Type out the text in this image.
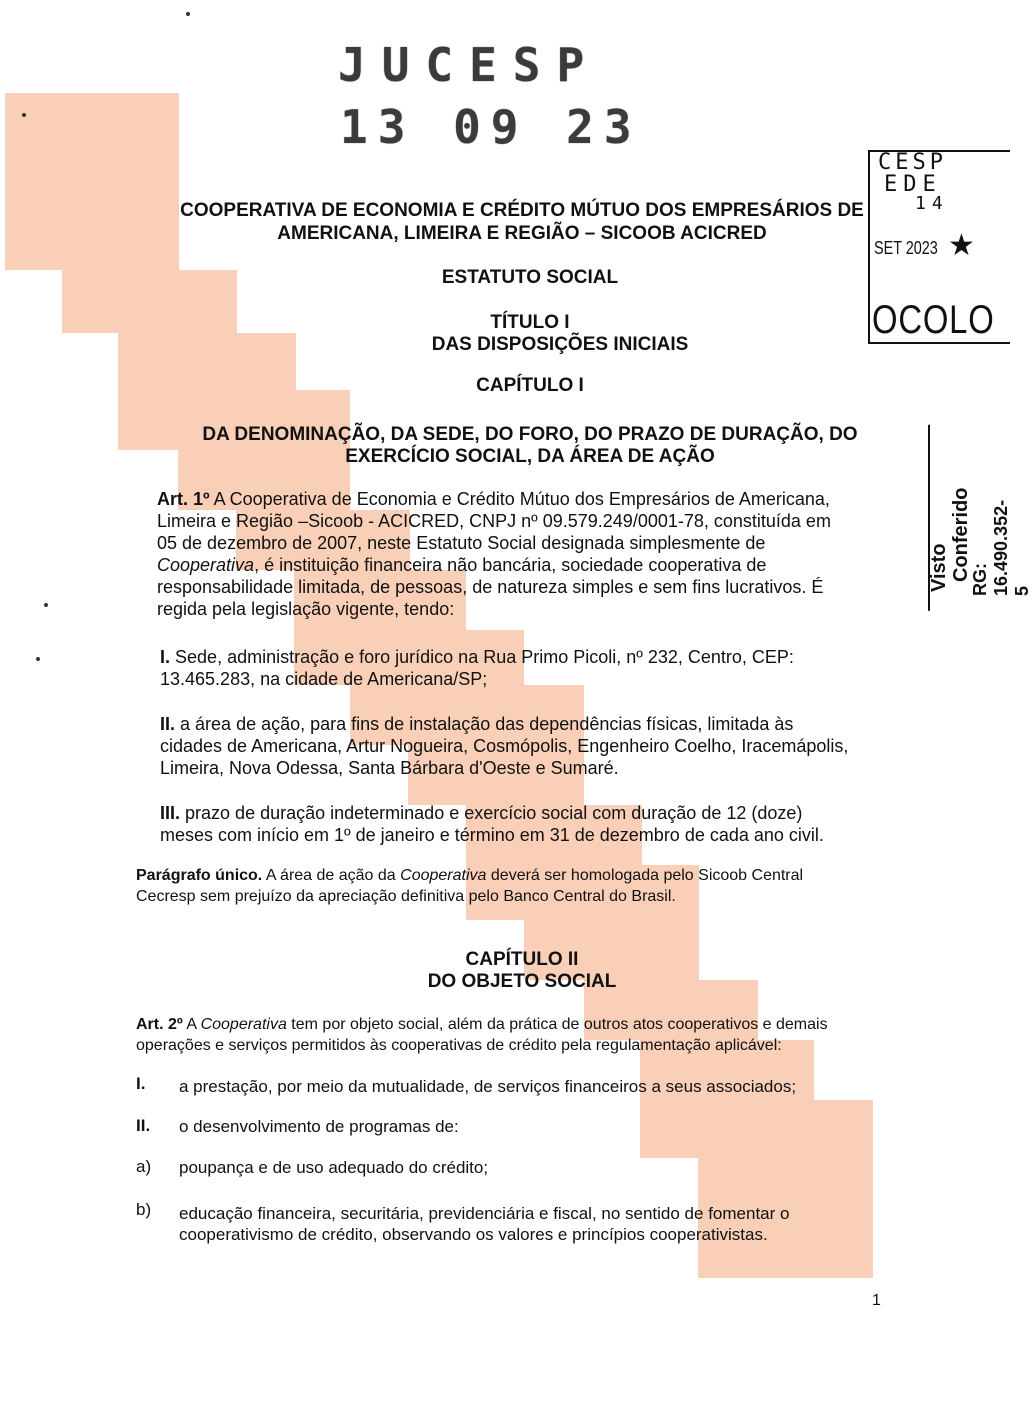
JUCESP
13 09 23
CESP
EDE
14
SET 2023 ★
OCOLO
Visto Conferido
RG: 16.490.352-5
COOPERATIVA DE ECONOMIA E CRÉDITO MÚTUO DOS EMPRESÁRIOS DE
AMERICANA, LIMEIRA E REGIÃO – SICOOB ACICRED
ESTATUTO SOCIAL
TÍTULO I
DAS DISPOSIÇÕES INICIAIS
CAPÍTULO I
DA DENOMINAÇÃO, DA SEDE, DO FORO, DO PRAZO DE DURAÇÃO, DO
EXERCÍCIO SOCIAL, DA ÁREA DE AÇÃO
Art. 1º A Cooperativa de Economia e Crédito Mútuo dos Empresários de Americana,
Limeira e Região –Sicoob - ACICRED, CNPJ nº 09.579.249/0001-78, constituída em
05 de dezembro de 2007, neste Estatuto Social designada simplesmente de
Cooperativa, é instituição financeira não bancária, sociedade cooperativa de
responsabilidade limitada, de pessoas, de natureza simples e sem fins lucrativos. É
regida pela legislação vigente, tendo:
I. Sede, administração e foro jurídico na Rua Primo Picoli, nº 232, Centro, CEP:
13.465.283, na cidade de Americana/SP;
II. a área de ação, para fins de instalação das dependências físicas, limitada às
cidades de Americana, Artur Nogueira, Cosmópolis, Engenheiro Coelho, Iracemápolis,
Limeira, Nova Odessa, Santa Bárbara d'Oeste e Sumaré.
III. prazo de duração indeterminado e exercício social com duração de 12 (doze)
meses com início em 1º de janeiro e término em 31 de dezembro de cada ano civil.
Parágrafo único. A área de ação da Cooperativa deverá ser homologada pelo Sicoob Central
Cecresp sem prejuízo da apreciação definitiva pelo Banco Central do Brasil.
CAPÍTULO II
DO OBJETO SOCIAL
Art. 2º A Cooperativa tem por objeto social, além da prática de outros atos cooperativos e demais
operações e serviços permitidos às cooperativas de crédito pela regulamentação aplicável:
I. a prestação, por meio da mutualidade, de serviços financeiros a seus associados;
II. o desenvolvimento de programas de:
a) poupança e de uso adequado do crédito;
b) educação financeira, securitária, previdenciária e fiscal, no sentido de fomentar o
cooperativismo de crédito, observando os valores e princípios cooperativistas.
1
